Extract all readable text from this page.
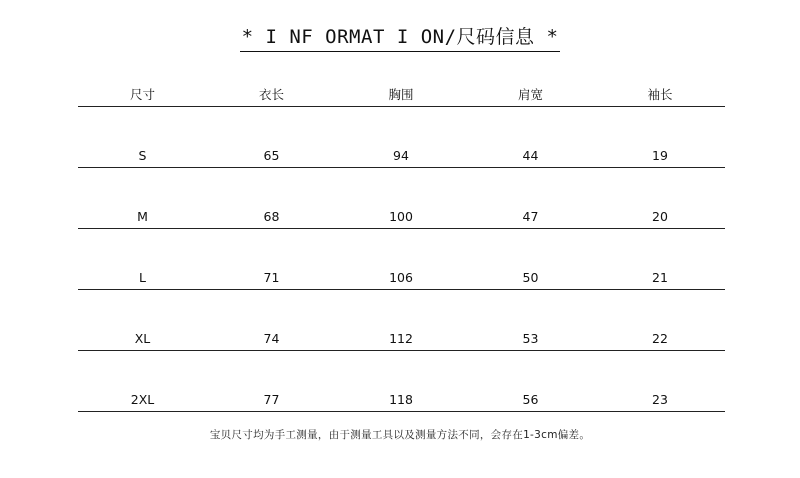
* I NF ORMAT I ON/尺码信息 *
尺寸	衣长	胸围	肩宽	袖长
S	65	94	44	19
M	68	100	47	20
L	71	106	50	21
XL	74	112	53	22
2XL	77	118	56	23
宝贝尺寸均为手工测量，由于测量工具以及测量方法不同，会存在1-3cm偏差。
